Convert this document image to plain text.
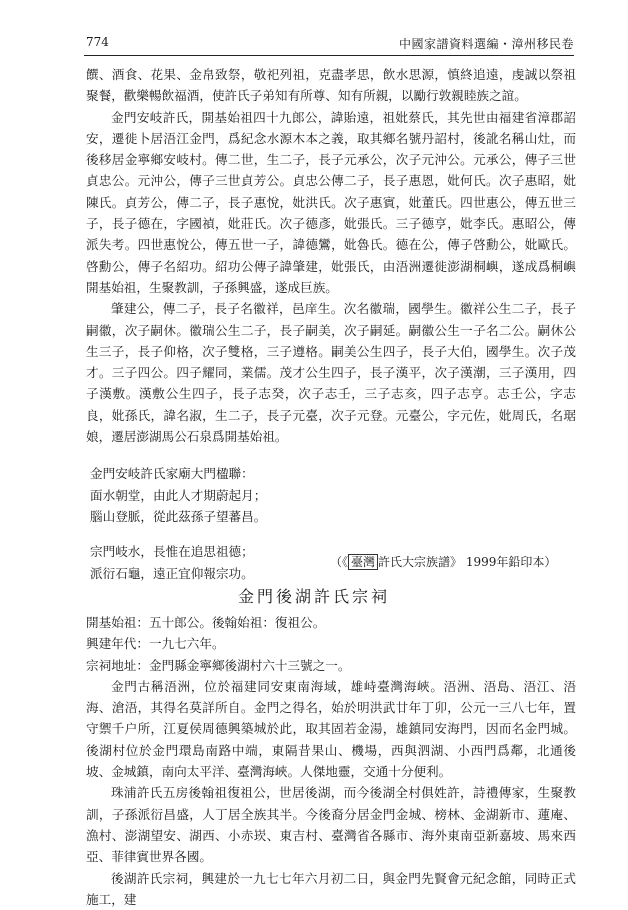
774	中國家譜資料選編・漳州移民卷

饌、酒食、花果、金帛致祭，敬祀列祖，克盡孝思，飲水思源，慎終追遠，虔誠以祭祖聚餐，歡樂暢飲福酒，使許氏子弟知有所尊、知有所親，以勵行敦親睦族之誼。

金門安岐許氏，開基始祖四十九郎公，諱貽遠，祖妣蔡氏，其先世由福建省漳郡詔安，遷徙卜居浯江金門，爲紀念水源木本之義，取其鄉名號丹詔村，後訛名稱山灶，而後移居金寧鄉安岐村。傳二世，生二子，長子元承公，次子元沖公。元承公，傳子三世貞忠公。元沖公，傳子三世貞芳公。貞忠公傳二子，長子惠恩，妣何氏。次子惠昭，妣陳氏。貞芳公，傳二子，長子惠悅，妣洪氏。次子惠賓，妣董氏。四世惠公，傳五世三子，長子德在，字國禎，妣莊氏。次子德彥，妣張氏。三子德亨，妣李氏。惠昭公，傳派失考。四世惠悅公，傳五世一子，諱德鸞，妣魯氏。德在公，傳子啓勳公，妣歐氏。啓勳公，傳子名紹功。紹功公傳子諱肇建，妣張氏，由浯洲遷徙澎湖桐嶼，遂成爲桐嶼開基始祖，生聚教訓，子孫興盛，遂成巨族。

肇建公，傳二子，長子名徽祥，邑庠生。次名徽瑞，國學生。徽祥公生二子，長子嗣徽，次子嗣休。徽瑞公生二子，長子嗣美，次子嗣延。嗣徽公生一子名二公。嗣休公生三子，長子仰格，次子雙格，三子遵格。嗣美公生四子，長子大伯，國學生。次子茂才。三子四公。四子耀同，業儒。茂才公生四子，長子漢平，次子漢潮，三子漢用，四子漢敷。漢敷公生四子，長子志癸，次子志壬，三子志亥，四子志亨。志壬公，字志良，妣孫氏，諱名淑，生二子，長子元臺，次子元登。元臺公，字元佐，妣周氏，名琚娘，遷居澎湖馬公石泉爲開基始祖。

金門安岐許氏家廟大門楹聯：
面水朝堂，由此人才期蔚起月；
腦山登脈，從此茲孫子望蕃昌。
宗門岐水，長惟在追思祖德；
派衍石龜，遠正宜仰報宗功。
（《 臺灣 許氏大宗族譜》 1999年鉛印本）
金門後湖許氏宗祠

開基始祖：五十郎公。後翰始祖：復祖公。

興建年代：一九七六年。

宗祠地址：金門縣金寧鄉後湖村六十三號之一。

金門古稱浯洲，位於福建同安東南海域，雄峙臺灣海峽。浯洲、浯島、浯江、浯海、滄浯，其得名莫詳所自。金門之得名，始於明洪武廿年丁卯，公元一三八七年，置守禦千户所，江夏侯周德興築城於此，取其固若金湯，雄鎮同安海門，因而名金門城。後湖村位於金門環島南路中端，東隔昔果山、機場，西與泗湖、小西門爲鄰，北通後坡、金城鎮，南向太平洋、臺灣海峽。人傑地靈，交通十分便利。

珠浦許氏五房後翰祖復祖公，世居後湖，而今後湖全村俱姓許，詩禮傳家，生聚教訓，子孫派衍昌盛，人丁居全族其半。今後裔分居金門金城、榜林、金湖新市、蓮庵、漁村、澎湖望安、湖西、小赤崁、東吉村、臺灣省各縣市、海外東南亞新嘉坡、馬來西亞、菲律賓世界各國。

後湖許氏宗祠，興建於一九七七年六月初二日，與金門先賢會元紀念館，同時正式施工，建
